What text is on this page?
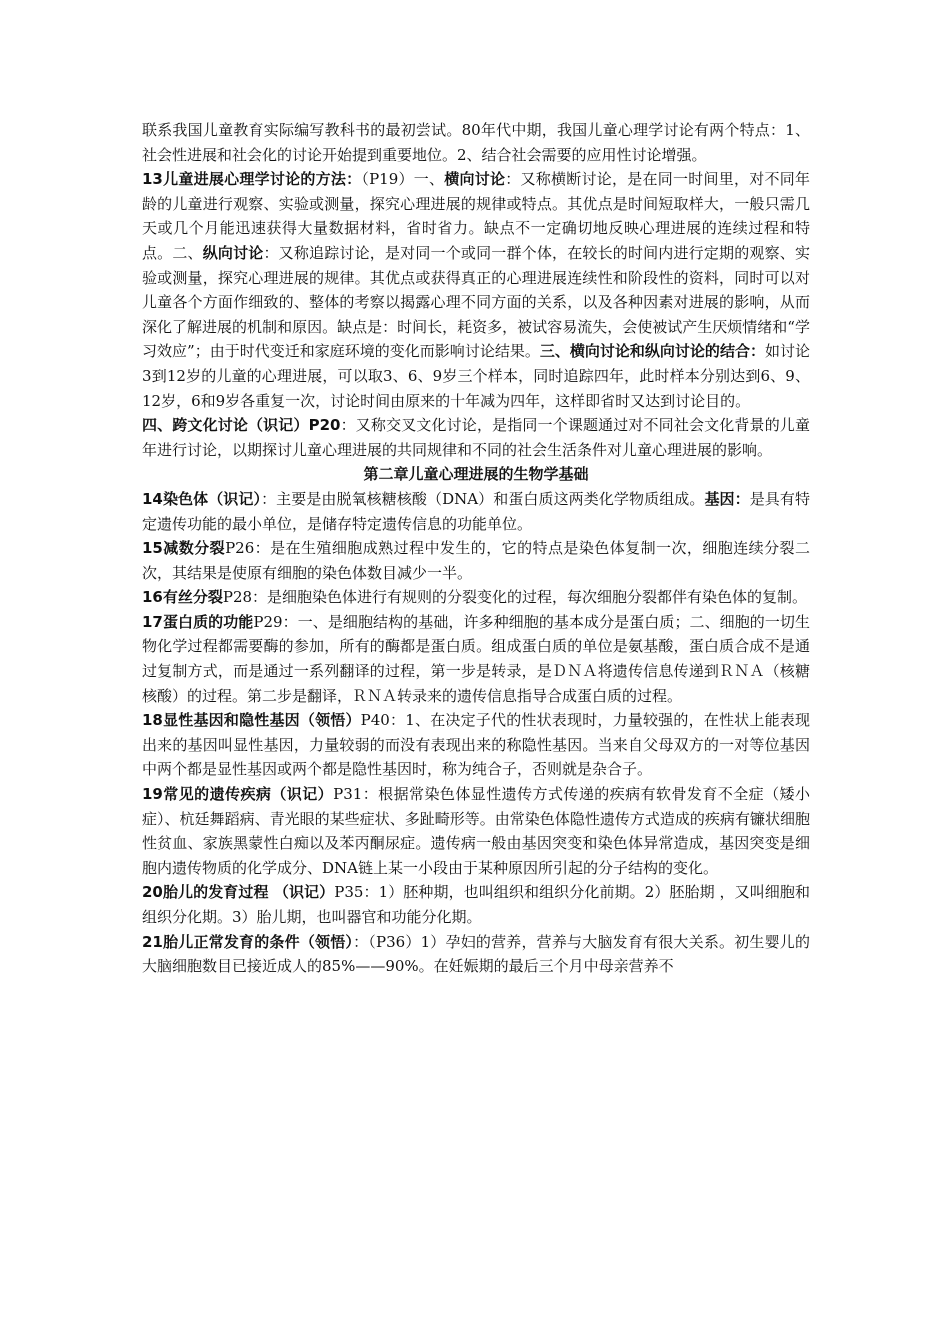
联系我国儿童教育实际编写教科书的最初尝试。80年代中期，我国儿童心理学讨论有两个特点：1、社会性进展和社会化的讨论开始提到重要地位。2、结合社会需要的应用性讨论增强。

13儿童进展心理学讨论的方法：（P19）一、横向讨论：又称横断讨论，是在同一时间里，对不同年龄的儿童进行观察、实验或测量，探究心理进展的规律或特点。其优点是时间短取样大，一般只需几天或几个月能迅速获得大量数据材料，省时省力。缺点不一定确切地反映心理进展的连续过程和特点。二、纵向讨论：又称追踪讨论，是对同一个或同一群个体，在较长的时间内进行定期的观察、实验或测量，探究心理进展的规律。其优点或获得真正的心理进展连续性和阶段性的资料，同时可以对儿童各个方面作细致的、整体的考察以揭露心理不同方面的关系，以及各种因素对进展的影响，从而深化了解进展的机制和原因。缺点是：时间长，耗资多，被试容易流失，会使被试产生厌烦情绪和“学习效应”；由于时代变迁和家庭环境的变化而影响讨论结果。三、横向讨论和纵向讨论的结合：如讨论3到12岁的儿童的心理进展，可以取3、6、9岁三个样本，同时追踪四年，此时样本分别达到6、9、12岁，6和9岁各重复一次，讨论时间由原来的十年减为四年，这样即省时又达到讨论目的。

四、跨文化讨论（识记）P20：又称交叉文化讨论，是指同一个课题通过对不同社会文化背景的儿童年进行讨论，以期探讨儿童心理进展的共同规律和不同的社会生活条件对儿童心理进展的影响。

第二章儿童心理进展的生物学基础

14染色体（识记）：主要是由脱氧核糖核酸（DNA）和蛋白质这两类化学物质组成。基因：是具有特定遗传功能的最小单位，是储存特定遗传信息的功能单位。

15减数分裂P26：是在生殖细胞成熟过程中发生的，它的特点是染色体复制一次，细胞连续分裂二次，其结果是使原有细胞的染色体数目减少一半。

16有丝分裂P28：是细胞染色体进行有规则的分裂变化的过程，每次细胞分裂都伴有染色体的复制。

17蛋白质的功能P29：一、是细胞结构的基础，许多种细胞的基本成分是蛋白质；二、细胞的一切生物化学过程都需要酶的参加，所有的酶都是蛋白质。组成蛋白质的单位是氨基酸，蛋白质合成不是通过复制方式，而是通过一系列翻译的过程，第一步是转录，是ＤＮＡ将遗传信息传递到ＲＮＡ（核糖核酸）的过程。第二步是翻译，ＲＮＡ转录来的遗传信息指导合成蛋白质的过程。

18显性基因和隐性基因（领悟）P40：1、在决定子代的性状表现时，力量较强的，在性状上能表现出来的基因叫显性基因，力量较弱的而没有表现出来的称隐性基因。当来自父母双方的一对等位基因中两个都是显性基因或两个都是隐性基因时，称为纯合子，否则就是杂合子。

19常见的遗传疾病（识记）P31：根据常染色体显性遗传方式传递的疾病有软骨发育不全症（矮小症）、杭廷舞蹈病、青光眼的某些症状、多趾畸形等。由常染色体隐性遗传方式造成的疾病有镰状细胞性贫血、家族黑蒙性白痴以及苯丙酮尿症。遗传病一般由基因突变和染色体异常造成，基因突变是细胞内遗传物质的化学成分、DNA链上某一小段由于某种原因所引起的分子结构的变化。

20胎儿的发育过程 （识记）P35：1）胚种期，也叫组织和组织分化前期。2）胚胎期 ，又叫细胞和组织分化期。3）胎儿期，也叫器官和功能分化期。

21胎儿正常发育的条件（领悟）：（P36）1）孕妇的营养，营养与大脑发育有很大关系。初生婴儿的大脑细胞数目已接近成人的85%——90%。在妊娠期的最后三个月中母亲营养不
